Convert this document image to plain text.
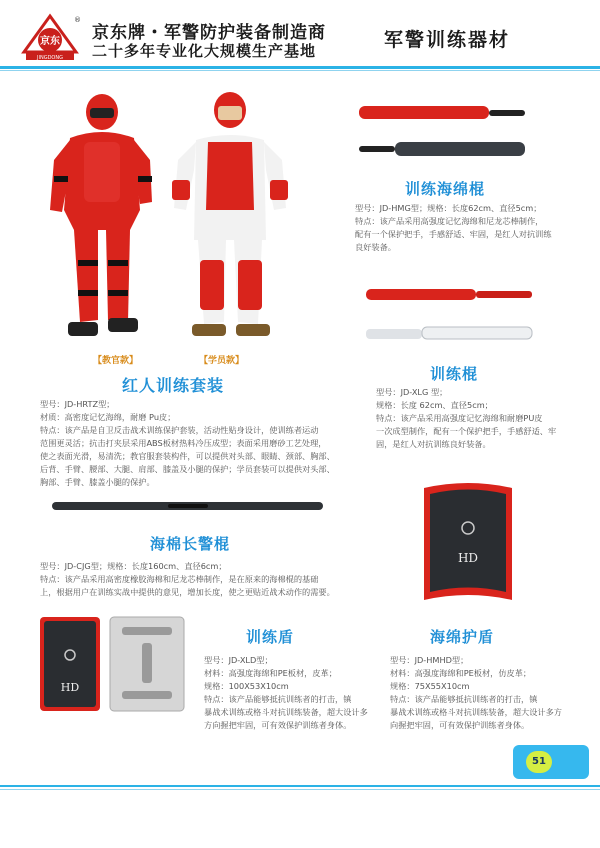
京东
JINGDONG
®
京东牌・军警防护装备制造商
二十多年专业化大规模生产基地	军警训练器材
【教官款】	【学员款】
红人训练套装
型号：JD-HRTZ型；
材质：高密度记忆海绵，耐磨 Pu皮；
特点：该产品是自卫反击战术训练保护套装，活动性贴身设计，使训练者运动
范围更灵活；抗击打夹层采用ABS板材热料冷压成型；表面采用磨砂工艺处理，
使之表面光滑，易清洗；教官服套装构件，可以提供对头部、眼睛、颈部、胸部、
后背、手臂、腰部、大腿、肩部、膝盖及小腿的保护；学员套装可以提供对头部、
胸部、手臂、膝盖小腿的保护。
训练海绵棍
型号：JD-HMG型；规格：长度62cm、直径5cm；
特点：该产品采用高强度记忆海绵和尼龙芯棒制作，
配有一个保护把手，手感舒适、牢固，是红人对抗训练
良好装备。
训练棍
型号：JD-XLG 型；
规格：长度 62cm、直径5cm；
特点：该产品采用高强度记忆海绵和耐磨PU皮
一次成型制作，配有一个保护把手，手感舒适、牢
固，是红人对抗训练良好装备。
海棉长警棍
型号：JD-CJG型；规格：长度160cm、直径6cm；
特点：该产品采用高密度橡胶海棉和尼龙芯棒制作，是在原来的海棉棍的基础
上，根据用户在训练实战中提供的意见，增加长度，使之更贴近战术动作的需要。
HD
HD
训练盾
型号：JD-XLD型；
材料：高强度海绵和PE板材，皮革；
规格：100X53X10cm
特点：该产品能够抵抗训练者的打击，镇
暴战术训练或格斗对抗训练装备，超大设计多
方向握把牢固，可有效保护训练者身体。
海绵护盾
型号：JD-HMHD型；
材料：高强度海绵和PE板材，仿皮革；
规格：75X55X10cm
特点：该产品能够抵抗训练者的打击，镇
暴战术训练或格斗对抗训练装备，超大设计多方
向握把牢固，可有效保护训练者身体。
51
